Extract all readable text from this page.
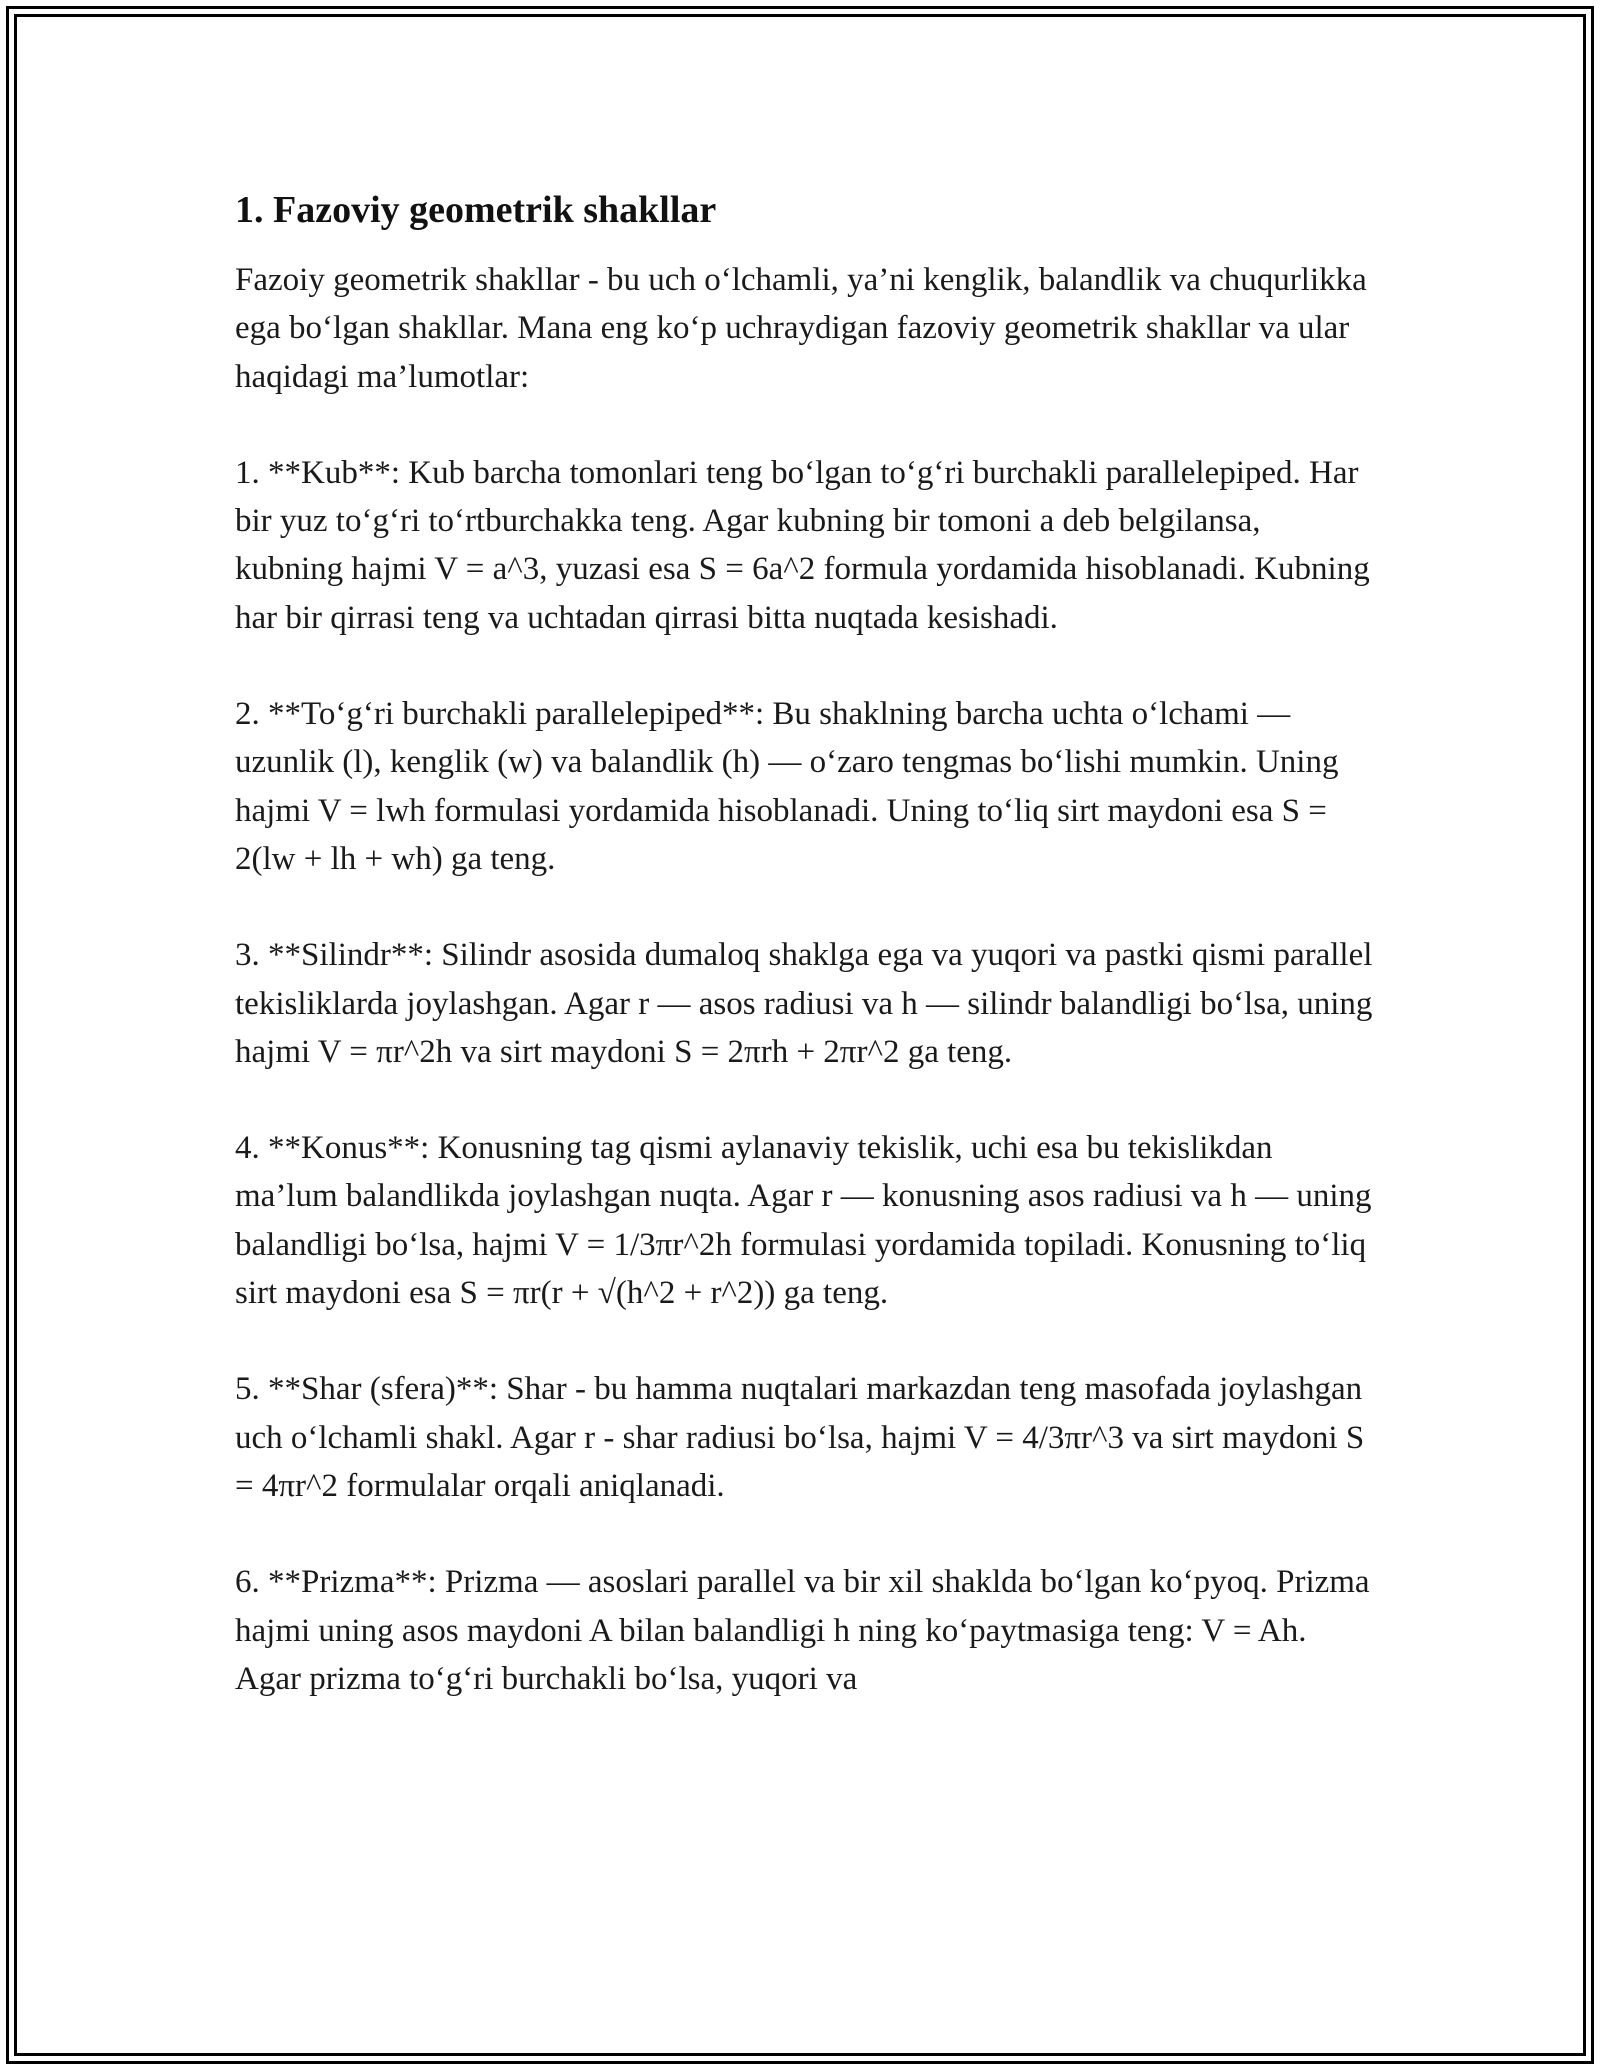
1. Fazoviy geometrik shakllar

Fazoiy geometrik shakllar - bu uch o‘lchamli, ya’ni kenglik, balandlik va chuqurlikka ega bo‘lgan shakllar. Mana eng ko‘p uchraydigan fazoviy geometrik shakllar va ular haqidagi ma’lumotlar:

1. **Kub**: Kub barcha tomonlari teng bo‘lgan to‘g‘ri burchakli parallelepiped. Har bir yuz to‘g‘ri to‘rtburchakka teng. Agar kubning bir tomoni a deb belgilansa, kubning hajmi V = a^3, yuzasi esa S = 6a^2 formula yordamida hisoblanadi. Kubning har bir qirrasi teng va uchtadan qirrasi bitta nuqtada kesishadi.

2. **To‘g‘ri burchakli parallelepiped**: Bu shaklning barcha uchta o‘lchami — uzunlik (l), kenglik (w) va balandlik (h) — o‘zaro tengmas bo‘lishi mumkin. Uning hajmi V = lwh formulasi yordamida hisoblanadi. Uning to‘liq sirt maydoni esa S = 2(lw + lh + wh) ga teng.

3. **Silindr**: Silindr asosida dumaloq shaklga ega va yuqori va pastki qismi parallel tekisliklarda joylashgan. Agar r — asos radiusi va h — silindr balandligi bo‘lsa, uning hajmi V = πr^2h va sirt maydoni S = 2πrh + 2πr^2 ga teng.

4. **Konus**: Konusning tag qismi aylanaviy tekislik, uchi esa bu tekislikdan ma’lum balandlikda joylashgan nuqta. Agar r — konusning asos radiusi va h — uning balandligi bo‘lsa, hajmi V = 1/3πr^2h formulasi yordamida topiladi. Konusning to‘liq sirt maydoni esa S = πr(r + √(h^2 + r^2)) ga teng.

5. **Shar (sfera)**: Shar - bu hamma nuqtalari markazdan teng masofada joylashgan uch o‘lchamli shakl. Agar r - shar radiusi bo‘lsa, hajmi V = 4/3πr^3 va sirt maydoni S = 4πr^2 formulalar orqali aniqlanadi.

6. **Prizma**: Prizma — asoslari parallel va bir xil shaklda bo‘lgan ko‘pyoq. Prizma hajmi uning asos maydoni A bilan balandligi h ning ko‘paytmasiga teng: V = Ah. Agar prizma to‘g‘ri burchakli bo‘lsa, yuqori va
